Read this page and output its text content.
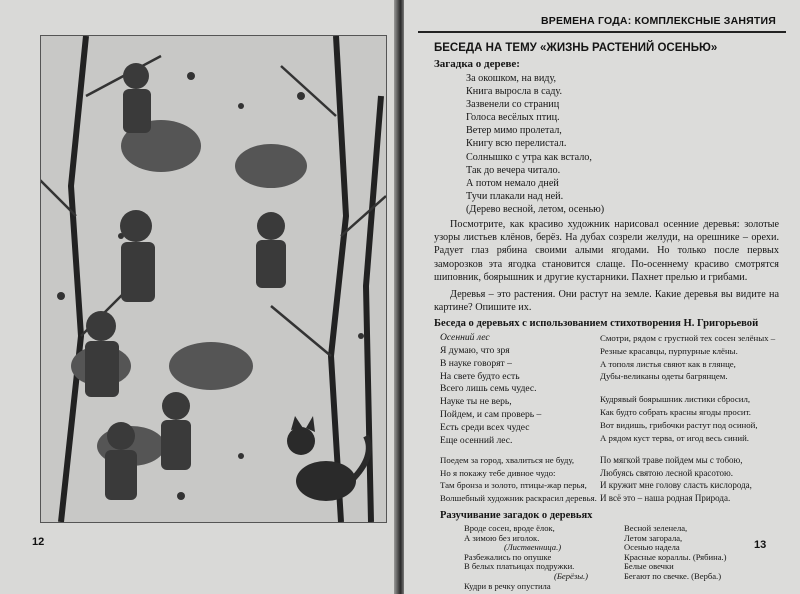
12
ВРЕМЕНА ГОДА: КОМПЛЕКСНЫЕ ЗАНЯТИЯ
БЕСЕДА НА ТЕМУ «ЖИЗНЬ РАСТЕНИЙ ОСЕНЬЮ»
Загадка о дереве:
За окошком, на виду,
Книга выросла в саду.
Зазвенели со страниц
Голоса весёлых птиц.
Ветер мимо пролетал,
Книгу всю перелистал.
Солнышко с утра как встало,
Так до вечера читало.
А потом немало дней
Тучи плакали над ней.
(Дерево весной, летом, осенью)
Посмотрите, как красиво художник нарисовал осенние деревья: золотые узоры листьев клёнов, берёз. На дубах созрели желуди, на орешнике – орехи. Радует глаз рябина своими алыми ягодами. Но только после первых заморозков эта ягодка становится слаще. По-осеннему красиво смотрятся шиповник, боярышник и другие кустарники. Пахнет прелью и грибами.
Деревья – это растения. Они растут на земле. Какие деревья вы видите на картине? Опишите их.
Беседа о деревьях с использованием стихотворения Н. Григорьевой
Осенний лес
Я думаю, что зря
В науке говорят –
На свете будто есть
Всего лишь семь чудес.
Науке ты не верь,
Пойдем, и сам проверь –
Есть среди всех чудес
Еще осенний лес.
Смотри, рядом с грустной тех сосен зелёных –
Резные красавцы, пурпурные клёны.
А тополя листья свяют как в глянце,
Дубы-великаны одеты багрянцем.
Кудрявый боярышник листики сбросил,
Как будто собрать красны ягоды просит.
Вот видишь, грибочки растут под осиной,
А рядом куст терва, от игод весь синий.
Поедем за город, хвалиться не буду,
Но я покажу тебе дивное чудо:
Там бронза и золото, птицы-жар перья,
Волшебный художник раскрасил деревья.
По мягкой траве пойдем мы с тобою,
Любуясь святою лесной красотою.
И кружит мне голову сласть кислорода,
И всё это – наша родная Природа.
Разучивание загадок о деревьях
Вроде сосен, вроде ёлок,
А зимою без иголок.
(Лиственница.)
Разбежались по опушке
В белых платьицах подружки.
(Берёзы.)
Весной зеленела,
Летом загорала,
Осенью надела
Красные кораллы. (Рябина.)
Белые овечки
Бегают по свечке. (Верба.)
Кудри в речку опустила
13
